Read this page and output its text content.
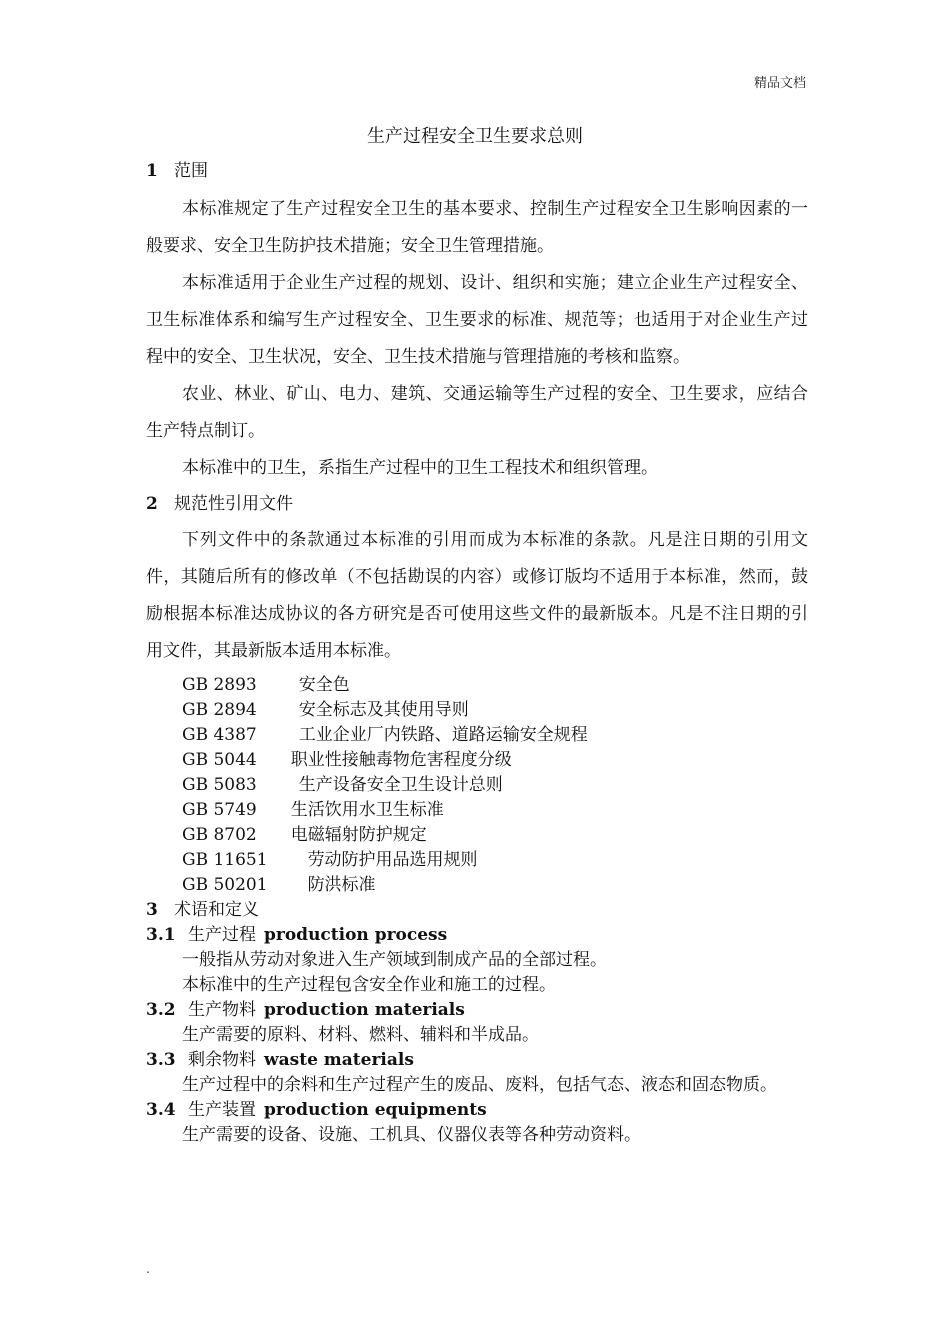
精品文档
生产过程安全卫生要求总则

1 范围

本标准规定了生产过程安全卫生的基本要求、控制生产过程安全卫生影响因素的一般要求、安全卫生防护技术措施；安全卫生管理措施。

本标准适用于企业生产过程的规划、设计、组织和实施；建立企业生产过程安全、卫生标准体系和编写生产过程安全、卫生要求的标准、规范等；也适用于对企业生产过程中的安全、卫生状况，安全、卫生技术措施与管理措施的考核和监察。

农业、林业、矿山、电力、建筑、交通运输等生产过程的安全、卫生要求，应结合生产特点制订。

本标准中的卫生，系指生产过程中的卫生工程技术和组织管理。

2 规范性引用文件

下列文件中的条款通过本标准的引用而成为本标准的条款。凡是注日期的引用文件，其随后所有的修改单（不包括勘误的内容）或修订版均不适用于本标准，然而，鼓励根据本标准达成协议的各方研究是否可使用这些文件的最新版本。凡是不注日期的引用文件，其最新版本适用本标准。

GB 2893 安全色
GB 2894 安全标志及其使用导则
GB 4387 工业企业厂内铁路、道路运输安全规程
GB 5044 职业性接触毒物危害程度分级
GB 5083 生产设备安全卫生设计总则
GB 5749 生活饮用水卫生标准
GB 8702 电磁辐射防护规定
GB 11651 劳动防护用品选用规则
GB 50201 防洪标准

3 术语和定义

3.1 生产过程 production process

一般指从劳动对象进入生产领域到制成产品的全部过程。

本标准中的生产过程包含安全作业和施工的过程。

3.2 生产物料 production materials

生产需要的原料、材料、燃料、辅料和半成品。

3.3 剩余物料 waste materials

生产过程中的余料和生产过程产生的废品、废料，包括气态、液态和固态物质。

3.4 生产装置 production equipments

生产需要的设备、设施、工机具、仪器仪表等各种劳动资料。

.
